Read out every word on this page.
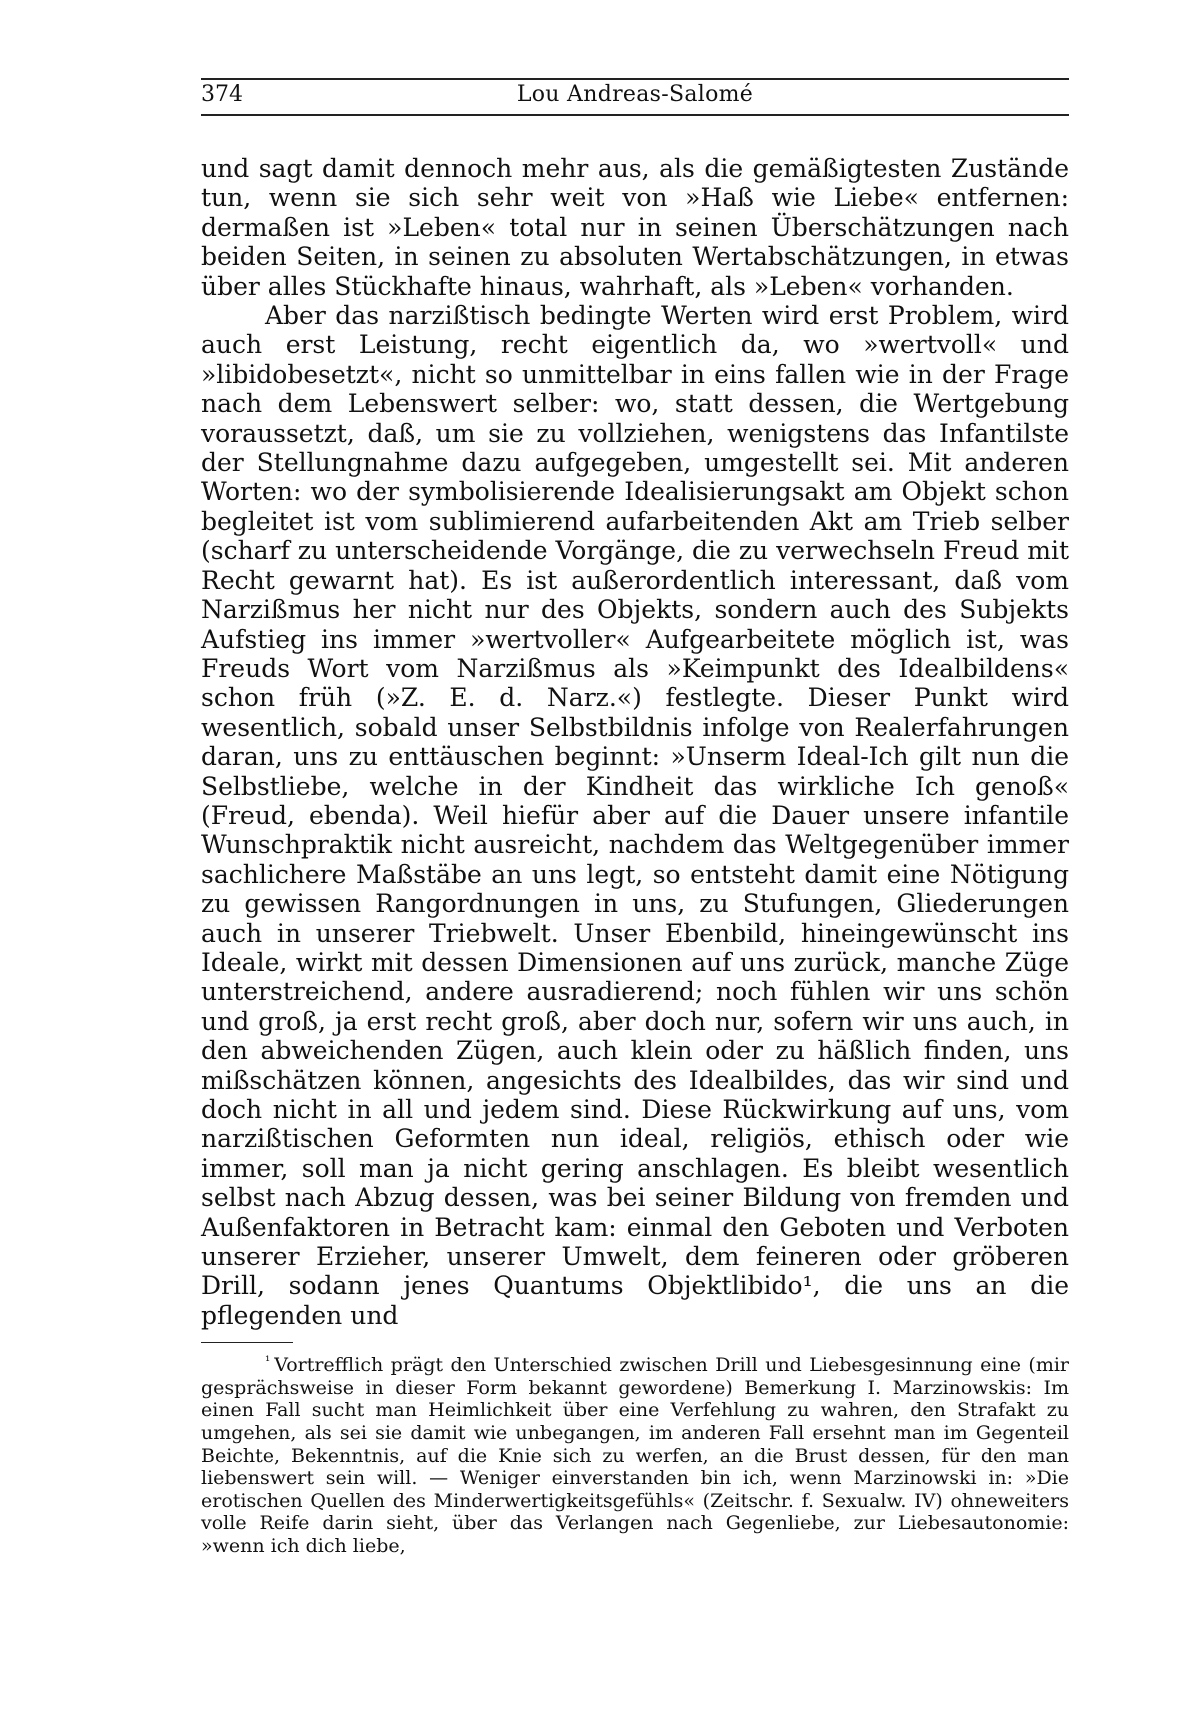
374	Lou Andreas-Salomé

und sagt damit dennoch mehr aus, als die gemäßigtesten Zustände tun, wenn sie sich sehr weit von »Haß wie Liebe« entfernen: dermaßen ist »Leben« total nur in seinen Überschätzungen nach beiden Seiten, in seinen zu absoluten Wertabschätzungen, in etwas über alles Stückhafte hinaus, wahrhaft, als »Leben« vorhanden.

Aber das narzißtisch bedingte Werten wird erst Problem, wird auch erst Leistung, recht eigentlich da, wo »wertvoll« und »libidobesetzt«, nicht so unmittelbar in eins fallen wie in der Frage nach dem Lebenswert selber: wo, statt dessen, die Wertgebung voraussetzt, daß, um sie zu vollziehen, wenigstens das Infantilste der Stellungnahme dazu aufgegeben, umgestellt sei. Mit anderen Worten: wo der symbolisierende Idealisierungsakt am Objekt schon begleitet ist vom sublimierend aufarbeitenden Akt am Trieb selber (scharf zu unterscheidende Vorgänge, die zu verwechseln Freud mit Recht gewarnt hat). Es ist außerordentlich interessant, daß vom Narzißmus her nicht nur des Objekts, sondern auch des Subjekts Aufstieg ins immer »wertvoller« Aufgearbeitete möglich ist, was Freuds Wort vom Narzißmus als »Keimpunkt des Idealbildens« schon früh (»Z. E. d. Narz.«) festlegte. Dieser Punkt wird wesentlich, sobald unser Selbstbildnis infolge von Realerfahrungen daran, uns zu enttäuschen beginnt: »Unserm Ideal-Ich gilt nun die Selbstliebe, welche in der Kindheit das wirkliche Ich genoß« (Freud, ebenda). Weil hiefür aber auf die Dauer unsere infantile Wunschpraktik nicht ausreicht, nachdem das Weltgegenüber immer sachlichere Maßstäbe an uns legt, so entsteht damit eine Nötigung zu gewissen Rangordnungen in uns, zu Stufungen, Gliederungen auch in unserer Triebwelt. Unser Ebenbild, hineingewünscht ins Ideale, wirkt mit dessen Dimensionen auf uns zurück, manche Züge unterstreichend, andere ausradierend; noch fühlen wir uns schön und groß, ja erst recht groß, aber doch nur, sofern wir uns auch, in den abweichenden Zügen, auch klein oder zu häßlich finden, uns mißschätzen können, angesichts des Idealbildes, das wir sind und doch nicht in all und jedem sind. Diese Rückwirkung auf uns, vom narzißtischen Geformten nun ideal, religiös, ethisch oder wie immer, soll man ja nicht gering anschlagen. Es bleibt wesentlich selbst nach Abzug dessen, was bei seiner Bildung von fremden und Außenfaktoren in Betracht kam: einmal den Geboten und Verboten unserer Erzieher, unserer Umwelt, dem feineren oder gröberen Drill, sodann jenes Quantums Objektlibido¹, die uns an die pflegenden und

$^{^1}$ Vortrefflich prägt den Unterschied zwischen Drill und Liebesgesinnung eine (mir gesprächsweise in dieser Form bekannt gewordene) Bemerkung I. Marzinowskis: Im einen Fall sucht man Heimlichkeit über eine Verfehlung zu wahren, den Strafakt zu umgehen, als sei sie damit wie unbegangen, im anderen Fall ersehnt man im Gegenteil Beichte, Bekenntnis, auf die Knie sich zu werfen, an die Brust dessen, für den man liebenswert sein will. — Weniger einverstanden bin ich, wenn Marzinowski in: »Die erotischen Quellen des Minderwertigkeitsgefühls« (Zeitschr. f. Sexualw. IV) ohneweiters volle Reife darin sieht, über das Verlangen nach Gegenliebe, zur Liebesautonomie: »wenn ich dich liebe,
